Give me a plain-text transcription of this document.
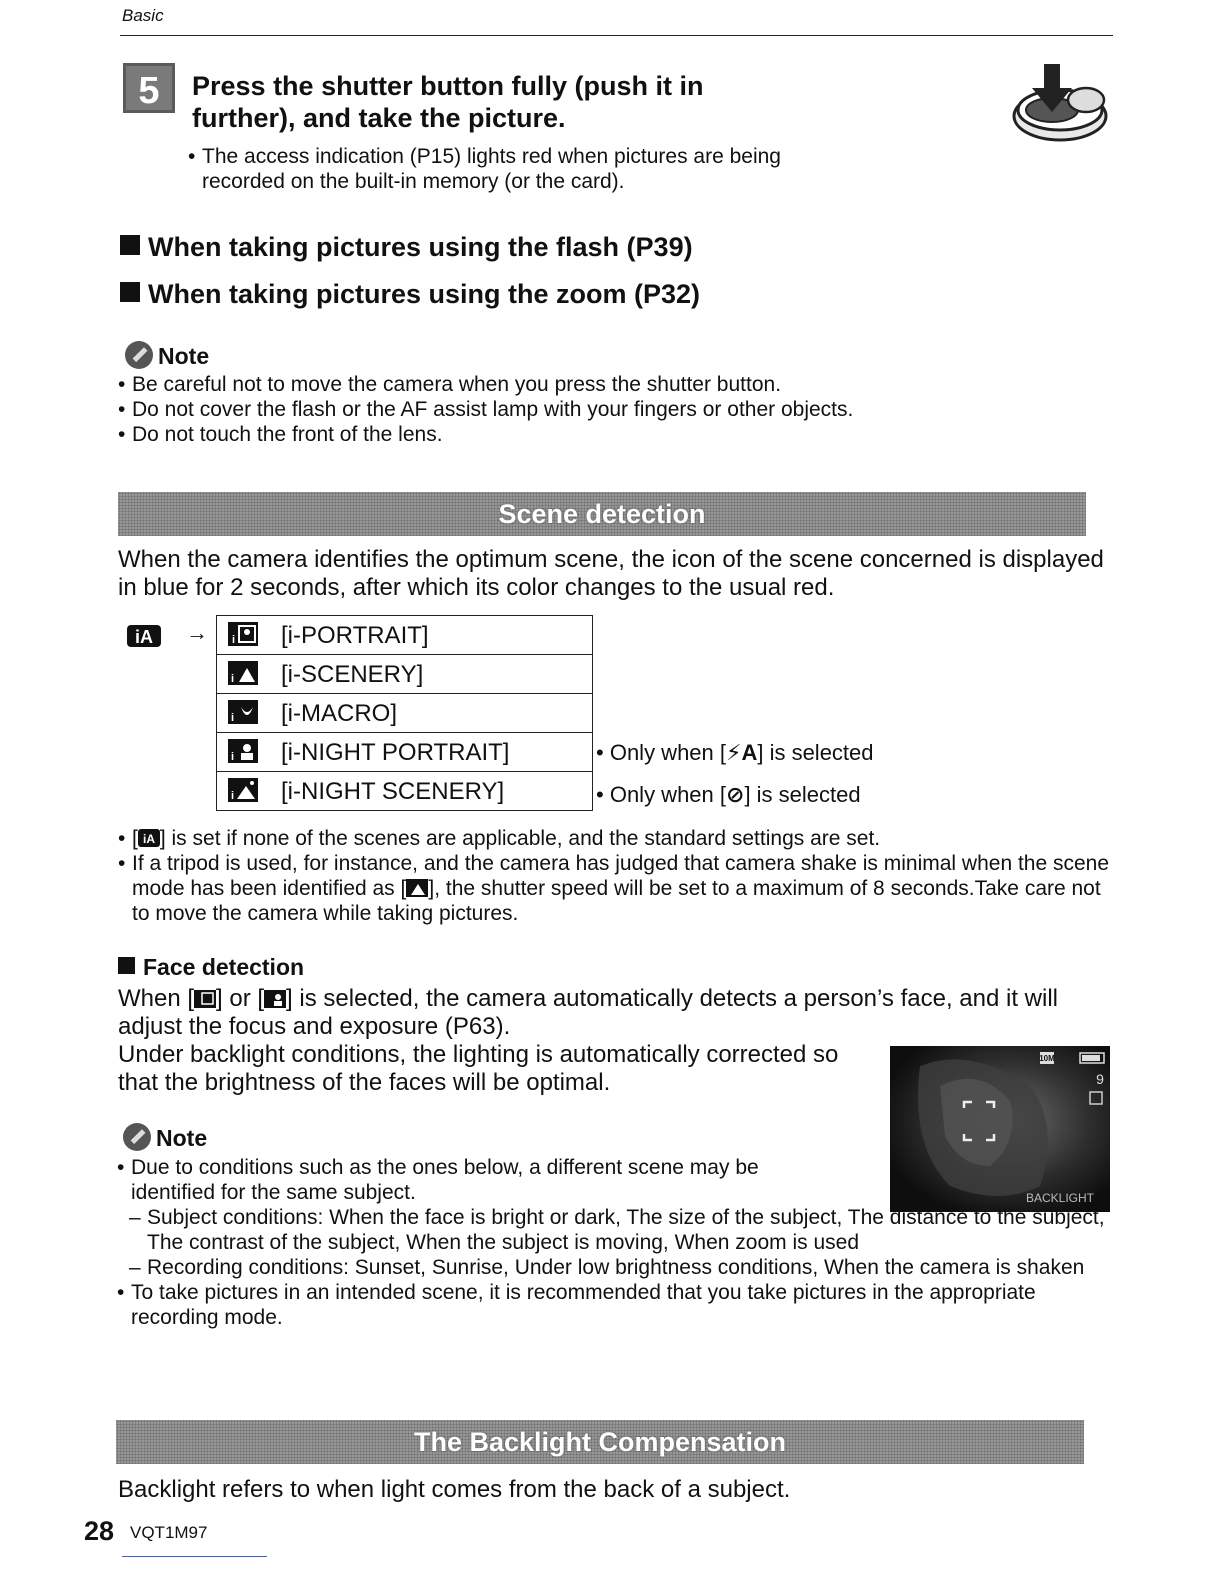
Basic
5 Press the shutter button fully (push it in further), and take the picture.
• The access indication (P15) lights red when pictures are being recorded on the built-in memory (or the card).
When taking pictures using the flash (P39)
When taking pictures using the zoom (P32)
Note
• Be careful not to move the camera when you press the shutter button.
• Do not cover the flash or the AF assist lamp with your fingers or other objects.
• Do not touch the front of the lens.
Scene detection
When the camera identifies the optimum scene, the icon of the scene concerned is displayed in blue for 2 seconds, after which its color changes to the usual red.
iA → i [i-PORTRAIT]

i [i-SCENERY]

i [i-MACRO]

i [i-NIGHT PORTRAIT]

i [i-NIGHT SCENERY]
• Only when [⚡A] is selected
• Only when [⊘] is selected
• [ iA ] is set if none of the scenes are applicable, and the standard settings are set.
• If a tripod is used, for instance, and the camera has judged that camera shake is minimal when the scene mode has been identified as [ ], the shutter speed will be set to a maximum of 8 seconds.Take care not to move the camera while taking pictures.
Face detection
When [ ] or [ ] is selected, the camera automatically detects a person’s face, and it will adjust the focus and exposure (P63).
Under backlight conditions, the lighting is automatically corrected so that the brightness of the faces will be optimal.
10M
9
BACKLIGHT
Note
• Due to conditions such as the ones below, a different scene may be identified for the same subject.
– Subject conditions: When the face is bright or dark, The size of the subject, The distance to the subject, The contrast of the subject, When the subject is moving, When zoom is used
– Recording conditions: Sunset, Sunrise, Under low brightness conditions, When the camera is shaken
• To take pictures in an intended scene, it is recommended that you take pictures in the appropriate recording mode.
The Backlight Compensation
Backlight refers to when light comes from the back of a subject.
28 VQT1M97
